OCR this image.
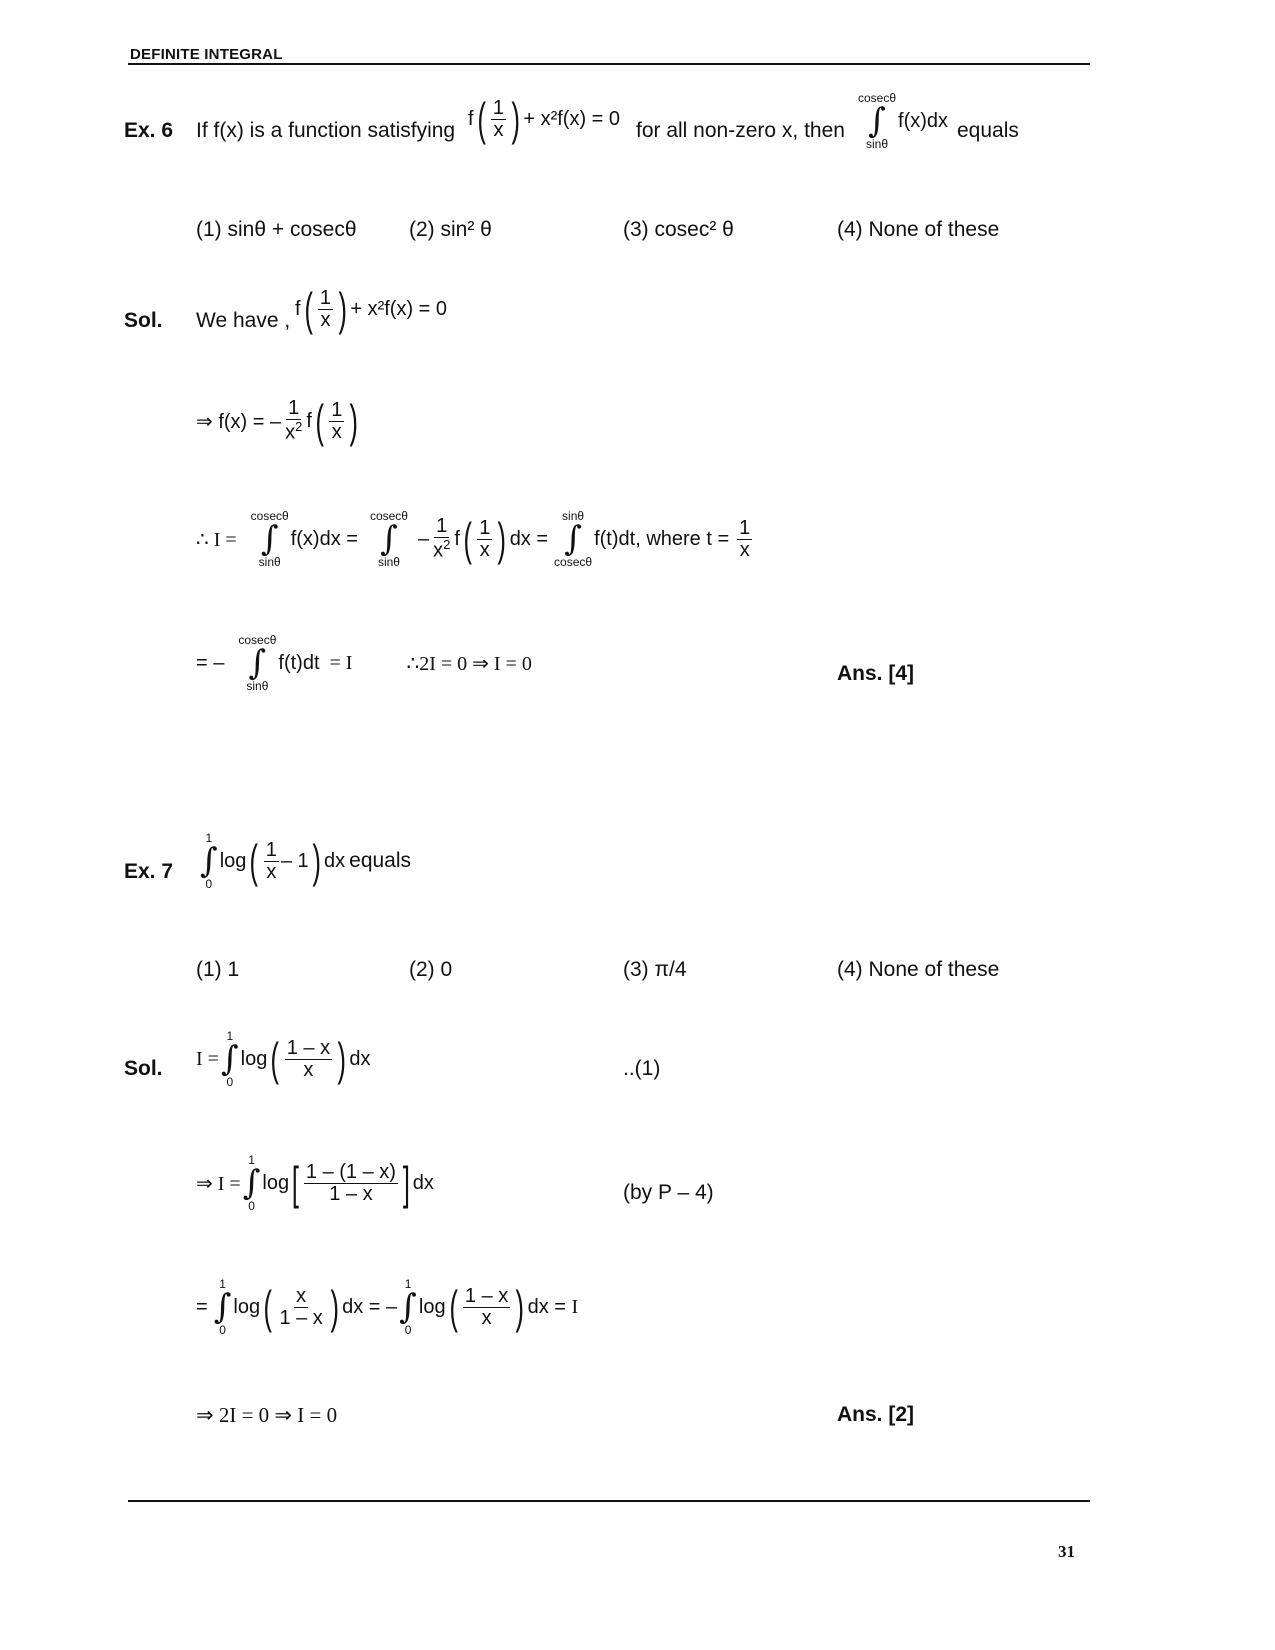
DEFINITE INTEGRAL
Ex. 6 If f(x) is a function satisfying
f ( $\frac{1}{x}$ ) + x²f(x) = 0
for all non-zero x, then
cosecθ
∫
sinθ
f(x)dx equals
(1) sinθ + cosecθ	(2) sin² θ	(3) cosec² θ	(4) None of these
Sol. We have ,
f ( $\frac{1}{x}$ ) + x²f(x) = 0
⇒ f(x) = – $\frac{1}{x^2}$ f ( $\frac{1}{x}$ )
∴ I =
cosecθ
∫
sinθ
f(x)dx =
cosecθ
∫
sinθ
– $\frac{1}{x^2}$ f ( $\frac{1}{x}$ ) dx =
sinθ
∫
cosecθ
f(t)dt , where $t = \frac{1}{x}$
= –
cosecθ
∫
sinθ
f(t)dt = I	∴2I = 0 ⇒ I = 0	Ans. [4]
Ex. 7
1
∫
0
log ( $\frac{1}{x} - 1$ ) dx equals
(1) 1	(2) 0	(3) π/4	(4) None of these
Sol. I =
1
∫
0
log ( $\frac{1 - x}{x}$ ) dx	..(1)
⇒ I =
1
∫
0
log [ $\frac{1 - (1 - x)}{1 - x}$ ] dx	(by P – 4)
=
1
∫
0
log ( $\frac{x}{1 - x}$ ) dx = –
1
∫
0
log ( $\frac{1 - x}{x}$ ) dx = I
⇒ 2I = 0 ⇒ I = 0	Ans. [2]
31
